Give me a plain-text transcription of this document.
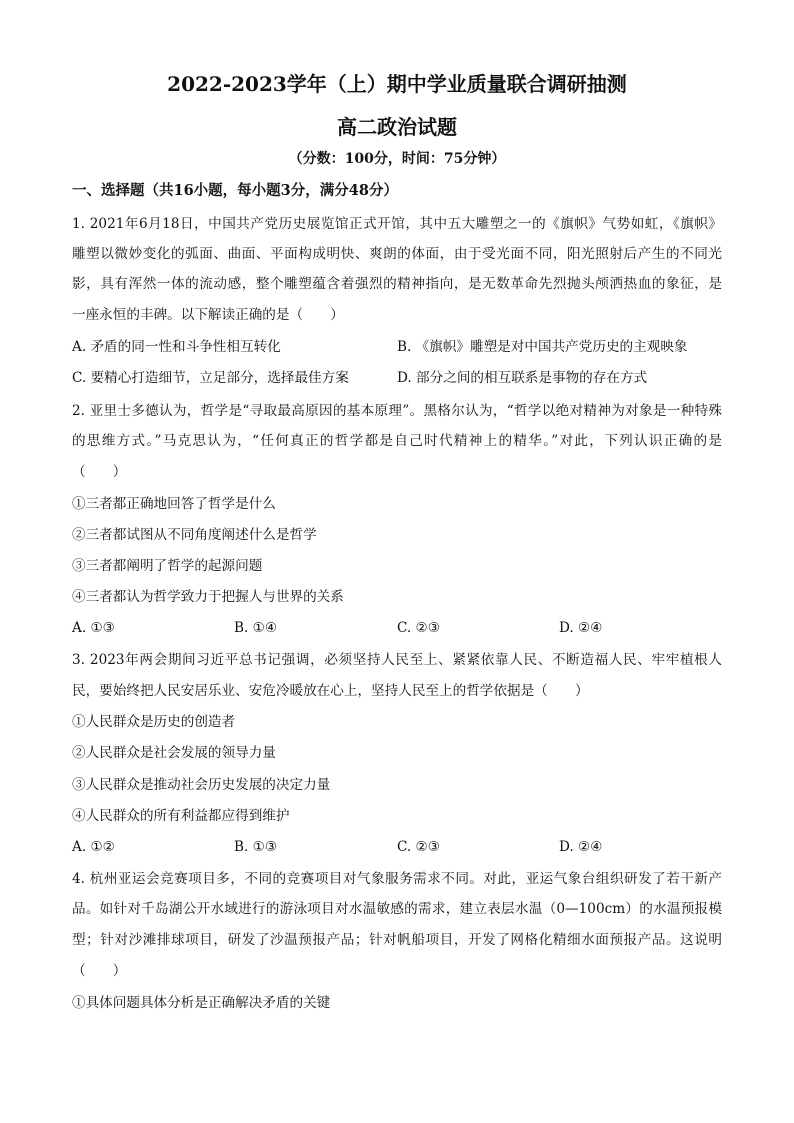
2022-2023学年（上）期中学业质量联合调研抽测
高二政治试题
（分数：100分，时间：75分钟）
一、选择题（共16小题，每小题3分，满分48分）
1. 2021年6月18日，中国共产党历史展览馆正式开馆，其中五大雕塑之一的《旗帜》气势如虹，《旗帜》
雕塑以微妙变化的弧面、曲面、平面构成明快、爽朗的体面，由于受光面不同，阳光照射后产生的不同光
影，具有浑然一体的流动感，整个雕塑蕴含着强烈的精神指向，是无数革命先烈抛头颅洒热血的象征，是
一座永恒的丰碑。以下解读正确的是（　　）
A. 矛盾的同一性和斗争性相互转化	B. 《旗帜》雕塑是对中国共产党历史的主观映象
C. 要精心打造细节，立足部分，选择最佳方案	D. 部分之间的相互联系是事物的存在方式
2. 亚里士多德认为，哲学是“寻取最高原因的基本原理”。黑格尔认为，“哲学以绝对精神为对象是一种特殊
的思维方式。”马克思认为，“任何真正的哲学都是自己时代精神上的精华。”对此，下列认识正确的是
（　　）
①三者都正确地回答了哲学是什么
②三者都试图从不同角度阐述什么是哲学
③三者都阐明了哲学的起源问题
④三者都认为哲学致力于把握人与世界的关系
A. ①③	B. ①④	C. ②③	D. ②④
3. 2023年两会期间习近平总书记强调，必须坚持人民至上、紧紧依靠人民、不断造福人民、牢牢植根人
民，要始终把人民安居乐业、安危冷暖放在心上，坚持人民至上的哲学依据是（　　）
①人民群众是历史的创造者
②人民群众是社会发展的领导力量
③人民群众是推动社会历史发展的决定力量
④人民群众的所有利益都应得到维护
A. ①②	B. ①③	C. ②③	D. ②④
4. 杭州亚运会竞赛项目多，不同的竞赛项目对气象服务需求不同。对此，亚运气象台组织研发了若干新产
品。如针对千岛湖公开水域进行的游泳项目对水温敏感的需求，建立表层水温（0—100cm）的水温预报模
型；针对沙滩排球项目，研发了沙温预报产品；针对帆船项目，开发了网格化精细水面预报产品。这说明
（　　）
①具体问题具体分析是正确解决矛盾的关键
